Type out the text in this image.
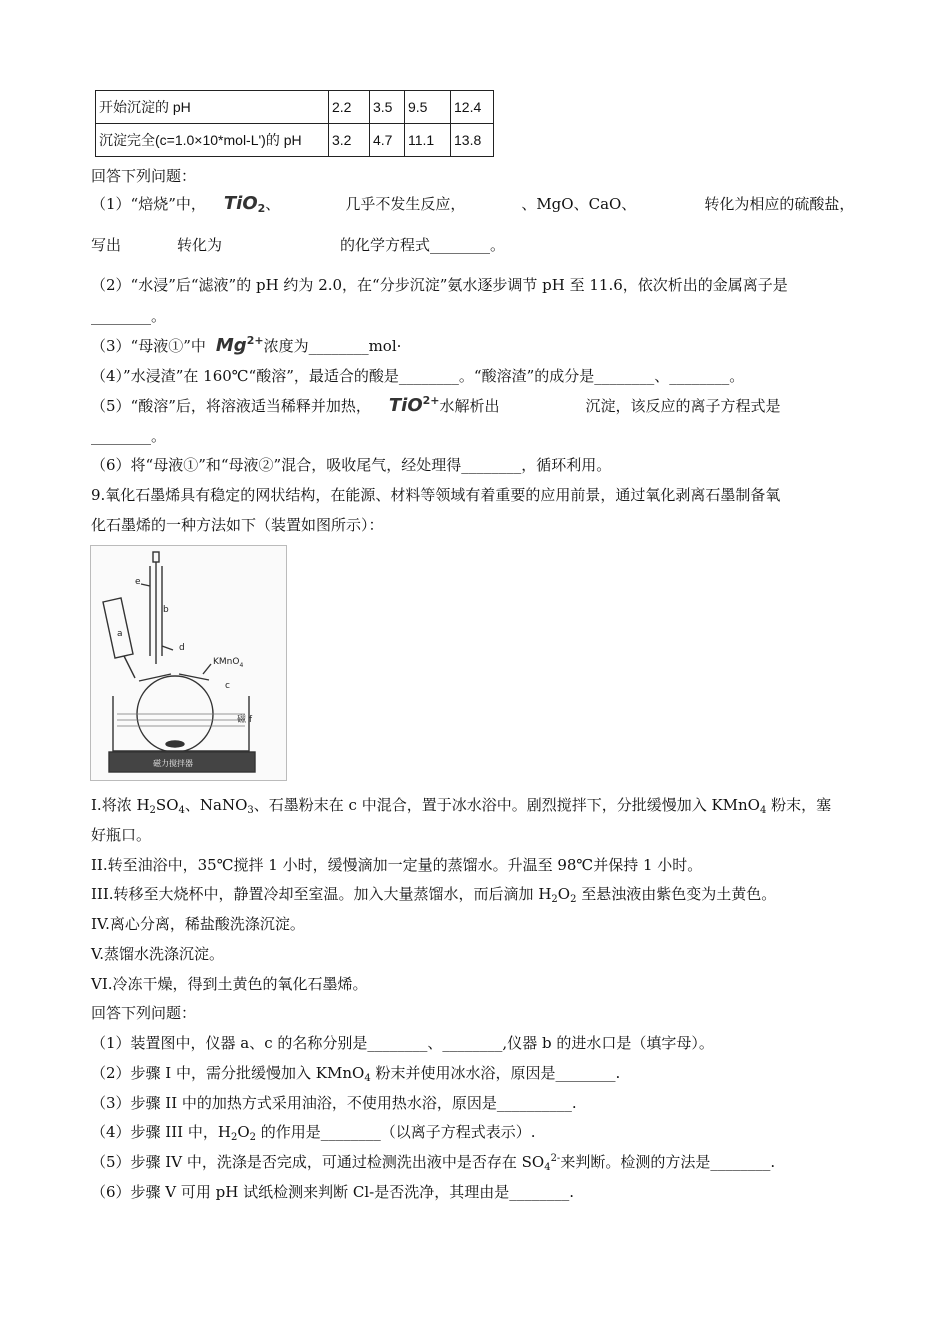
开始沉淀的 pH	2.2	3.5	9.5	12.4
沉淀完全(c=1.0×10*mol-L')的 pH	3.2	4.7	11.1	13.8
回答下列问题：
（1）“焙烧”中， TiO$_2$、	几乎不发生反应，	、MgO、CaO、	转化为相应的硫酸盐，
写出	转化为	的化学方程式________。
（2）“水浸”后“滤液”的 pH 约为 2.0，在“分步沉淀”氨水逐步调节 pH 至 11.6，依次析出的金属离子是
________。
（3）“母液①”中 $Mg^{2+}$浓度为________mol·
（4）”水浸渣”在 160℃“酸溶”，最适合的酸是________。“酸溶渣”的成分是________、________。
（5）“酸溶”后，将溶液适当稀释并加热， TiO$^{2+}$水解析出	沉淀，该反应的离子方程式是
________。
（6）将“母液①”和“母液②”混合，吸收尾气，经处理得________，循环利用。
9.氧化石墨烯具有稳定的网状结构，在能源、材料等领域有着重要的应用前景，通过氧化剥离石墨制备氧
化石墨烯的一种方法如下（装置如图所示）：
e
b
a
d
KMnO$_4$
c
磁 f
磁力搅拌器
I.将浓 $H_2SO_4$、NaNO$_3$、石墨粉末在 c 中混合，置于冰水浴中。剧烈搅拌下，分批缓慢加入 KMnO$_4$ 粉末，塞
好瓶口。
II.转至油浴中，35℃搅拌 1 小时，缓慢滴加一定量的蒸馏水。升温至 98℃并保持 1 小时。
III.转移至大烧杯中，静置冷却至室温。加入大量蒸馏水，而后滴加 $H_2O_2$ 至悬浊液由紫色变为土黄色。
IV.离心分离，稀盐酸洗涤沉淀。
V.蒸馏水洗涤沉淀。
VI.冷冻干燥，得到土黄色的氧化石墨烯。
回答下列问题：
（1）装置图中，仪器 a、c 的名称分别是________、________,仪器 b 的进水口是（填字母）。
（2）步骤 I 中，需分批缓慢加入 KMnO$_4$ 粉末并使用冰水浴，原因是________.
（3）步骤 II 中的加热方式采用油浴，不使用热水浴，原因是__________.
（4）步骤 III 中，$H_2O_2$ 的作用是________（以离子方程式表示）.
（5）步骤 IV 中，洗涤是否完成，可通过检测洗出液中是否存在 $SO_4^{2-}$来判断。检测的方法是________.
（6）步骤 V 可用 pH 试纸检测来判断 Cl-是否洗净，其理由是________.
